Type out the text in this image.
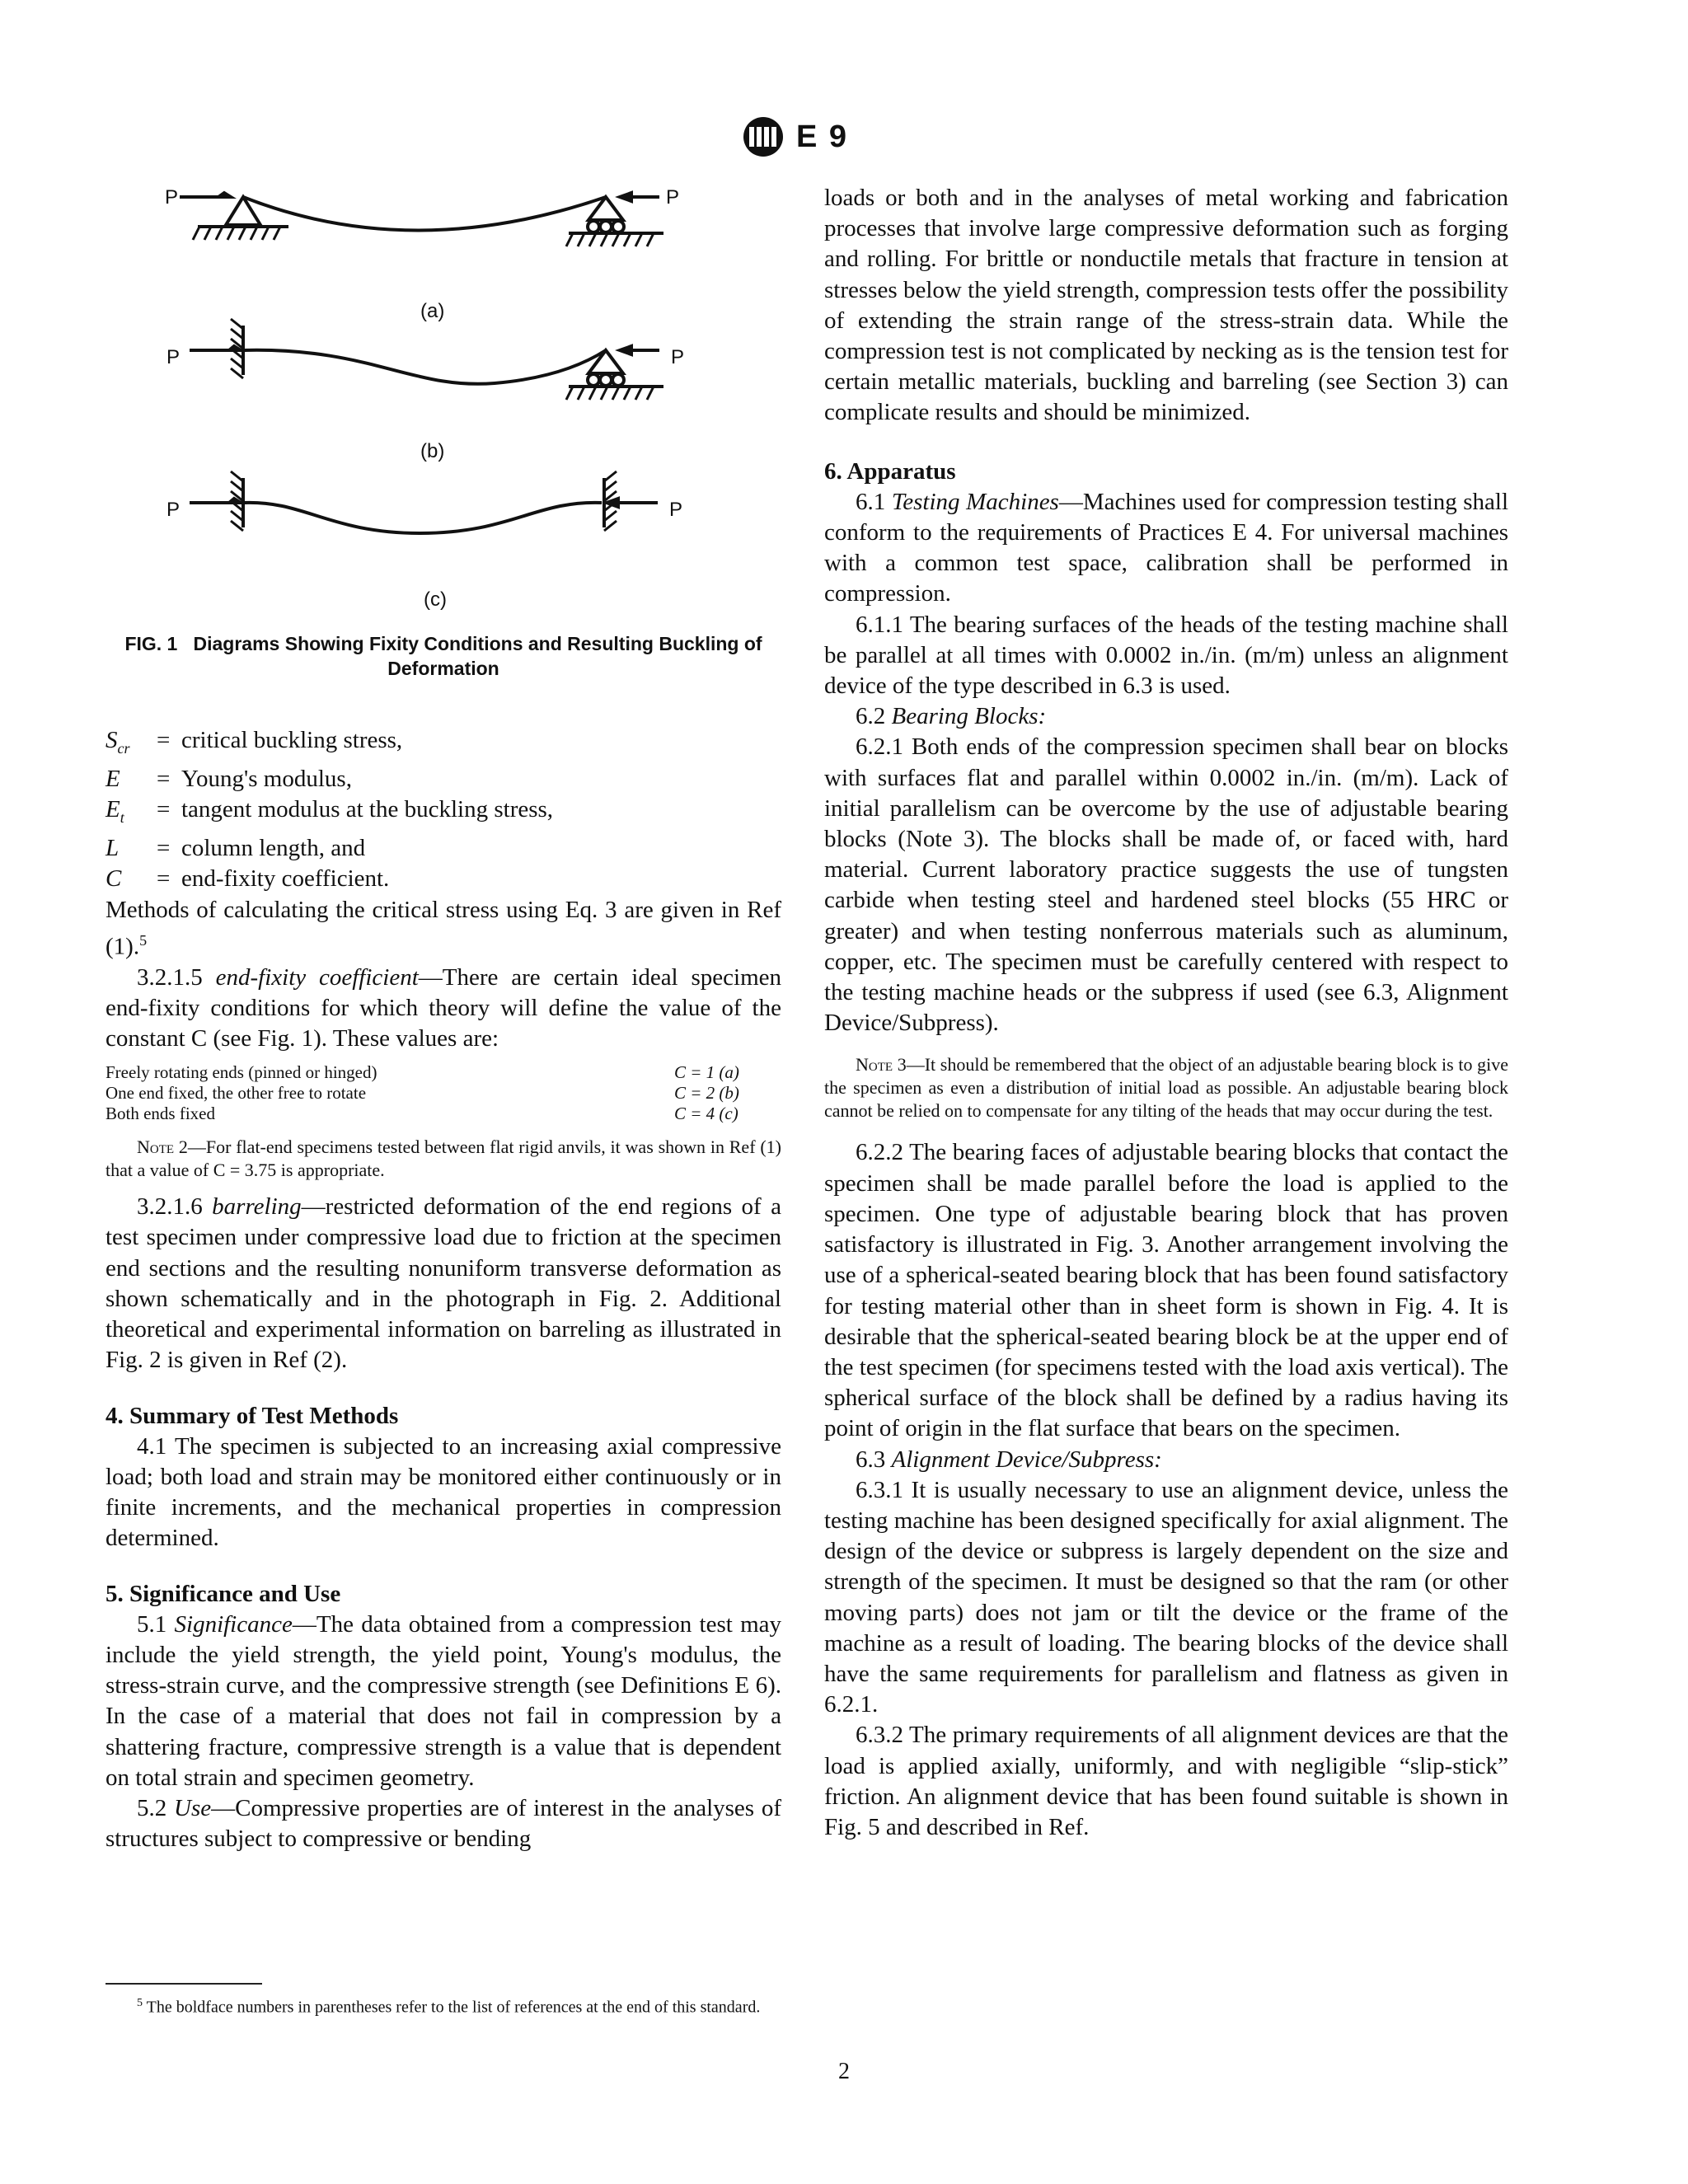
E 9
P	P
(a)
P	P
(b)
P	P
(c)
FIG. 1 Diagrams Showing Fixity Conditions and Resulting Buckling of Deformation
$S_{cr}$	= critical buckling stress,
E	= Young's modulus,
$E_t$	= tangent modulus at the buckling stress,
L	= column length, and
C	= end-fixity coefficient.

Methods of calculating the critical stress using Eq. 3 are given in Ref (1).$^5$

3.2.1.5 end-fixity coefficient—There are certain ideal specimen end-fixity conditions for which theory will define the value of the constant C (see Fig. 1). These values are:

Freely rotating ends (pinned or hinged)	C = 1 (a)
One end fixed, the other free to rotate	C = 2 (b)
Both ends fixed	C = 4 (c)

Note 2—For flat-end specimens tested between flat rigid anvils, it was shown in Ref (1) that a value of C = 3.75 is appropriate.

3.2.1.6 barreling—restricted deformation of the end regions of a test specimen under compressive load due to friction at the specimen end sections and the resulting nonuniform transverse deformation as shown schematically and in the photograph in Fig. 2. Additional theoretical and experimental information on barreling as illustrated in Fig. 2 is given in Ref (2).

4. Summary of Test Methods

4.1 The specimen is subjected to an increasing axial compressive load; both load and strain may be monitored either continuously or in finite increments, and the mechanical properties in compression determined.

5. Significance and Use

5.1 Significance—The data obtained from a compression test may include the yield strength, the yield point, Young's modulus, the stress-strain curve, and the compressive strength (see Definitions E 6). In the case of a material that does not fail in compression by a shattering fracture, compressive strength is a value that is dependent on total strain and specimen geometry.

5.2 Use—Compressive properties are of interest in the analyses of structures subject to compressive or bending

$^5$ The boldface numbers in parentheses refer to the list of references at the end of this standard.

loads or both and in the analyses of metal working and fabrication processes that involve large compressive deformation such as forging and rolling. For brittle or nonductile metals that fracture in tension at stresses below the yield strength, compression tests offer the possibility of extending the strain range of the stress-strain data. While the compression test is not complicated by necking as is the tension test for certain metallic materials, buckling and barreling (see Section 3) can complicate results and should be minimized.

6. Apparatus

6.1 Testing Machines—Machines used for compression testing shall conform to the requirements of Practices E 4. For universal machines with a common test space, calibration shall be performed in compression.

6.1.1 The bearing surfaces of the heads of the testing machine shall be parallel at all times with 0.0002 in./in. (m/m) unless an alignment device of the type described in 6.3 is used.

6.2 Bearing Blocks:

6.2.1 Both ends of the compression specimen shall bear on blocks with surfaces flat and parallel within 0.0002 in./in. (m/m). Lack of initial parallelism can be overcome by the use of adjustable bearing blocks (Note 3). The blocks shall be made of, or faced with, hard material. Current laboratory practice suggests the use of tungsten carbide when testing steel and hardened steel blocks (55 HRC or greater) and when testing nonferrous materials such as aluminum, copper, etc. The specimen must be carefully centered with respect to the testing machine heads or the subpress if used (see 6.3, Alignment Device/Subpress).

Note 3—It should be remembered that the object of an adjustable bearing block is to give the specimen as even a distribution of initial load as possible. An adjustable bearing block cannot be relied on to compensate for any tilting of the heads that may occur during the test.

6.2.2 The bearing faces of adjustable bearing blocks that contact the specimen shall be made parallel before the load is applied to the specimen. One type of adjustable bearing block that has proven satisfactory is illustrated in Fig. 3. Another arrangement involving the use of a spherical-seated bearing block that has been found satisfactory for testing material other than in sheet form is shown in Fig. 4. It is desirable that the spherical-seated bearing block be at the upper end of the test specimen (for specimens tested with the load axis vertical). The spherical surface of the block shall be defined by a radius having its point of origin in the flat surface that bears on the specimen.

6.3 Alignment Device/Subpress:

6.3.1 It is usually necessary to use an alignment device, unless the testing machine has been designed specifically for axial alignment. The design of the device or subpress is largely dependent on the size and strength of the specimen. It must be designed so that the ram (or other moving parts) does not jam or tilt the device or the frame of the machine as a result of loading. The bearing blocks of the device shall have the same requirements for parallelism and flatness as given in 6.2.1.

6.3.2 The primary requirements of all alignment devices are that the load is applied axially, uniformly, and with negligible “slip-stick” friction. An alignment device that has been found suitable is shown in Fig. 5 and described in Ref.

2
